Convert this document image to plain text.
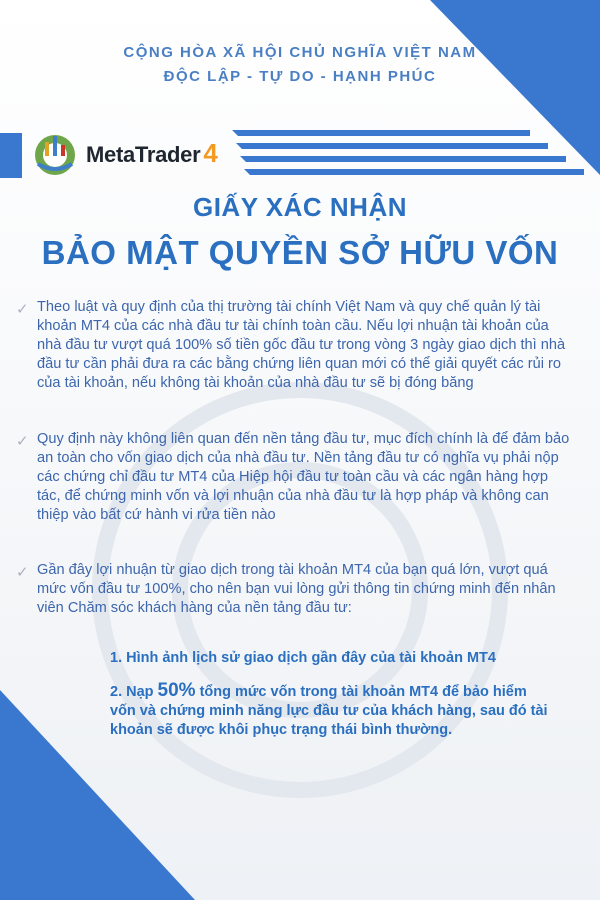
CỘNG HÒA XÃ HỘI CHỦ NGHĨA VIỆT NAM
ĐỘC LẬP - TỰ DO - HẠNH PHÚC
MetaTrader 4
GIẤY XÁC NHẬN
BẢO MẬT QUYỀN SỞ HỮU VỐN
✓ Theo luật và quy định của thị trường tài chính Việt Nam và quy chế quản lý tài khoản MT4 của các nhà đầu tư tài chính toàn cầu. Nếu lợi nhuận tài khoản của nhà đầu tư vượt quá 100% số tiền gốc đầu tư trong vòng 3 ngày giao dịch thì nhà đầu tư cần phải đưa ra các bằng chứng liên quan mới có thể giải quyết các rủi ro của tài khoản, nếu không tài khoản của nhà đầu tư sẽ bị đóng băng

✓ Quy định này không liên quan đến nền tảng đầu tư, mục đích chính là để đảm bảo an toàn cho vốn giao dịch của nhà đầu tư. Nền tảng đầu tư có nghĩa vụ phải nộp các chứng chỉ đầu tư MT4 của Hiệp hội đầu tư toàn cầu và các ngân hàng hợp tác, để chứng minh vốn và lợi nhuận của nhà đầu tư là hợp pháp và không can thiệp vào bất cứ hành vi rửa tiền nào

✓ Gần đây lợi nhuận từ giao dịch trong tài khoản MT4 của bạn quá lớn, vượt quá mức vốn đầu tư 100%, cho nên bạn vui lòng gửi thông tin chứng minh đến nhân viên Chăm sóc khách hàng của nền tảng đầu tư:

1. Hình ảnh lịch sử giao dịch gần đây của tài khoản MT4
2. Nạp 50% tổng mức vốn trong tài khoản MT4 để bảo hiểm vốn và chứng minh năng lực đầu tư của khách hàng, sau đó tài khoản sẽ được khôi phục trạng thái bình thường.
